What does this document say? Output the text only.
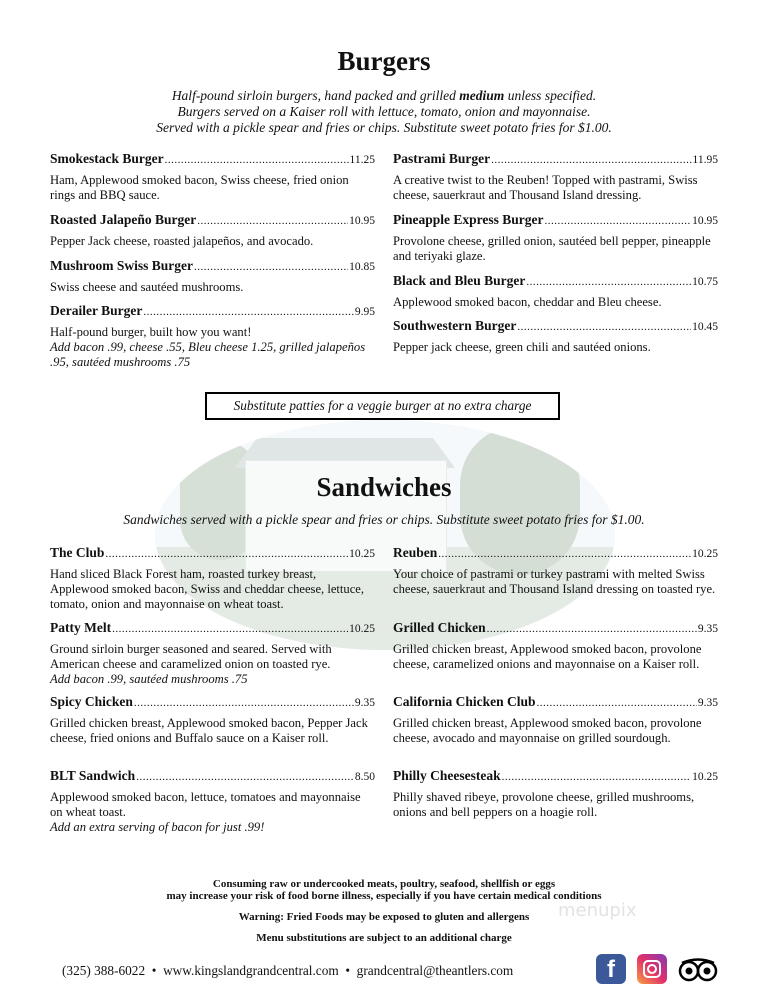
Burgers
Half-pound sirloin burgers, hand packed and grilled medium unless specified.
Burgers served on a Kaiser roll with lettuce, tomato, onion and mayonnaise.
Served with a pickle spear and fries or chips. Substitute sweet potato fries for $1.00.
Smokestack Burger .....	11.25
Ham, Applewood smoked bacon, Swiss cheese, fried onion rings and BBQ sauce.
Roasted Jalapeño Burger .....	10.95
Pepper Jack cheese, roasted jalapeños, and avocado.
Mushroom Swiss Burger .....	10.85
Swiss cheese and sautéed mushrooms.
Derailer Burger .....	9.95
Half-pound burger, built how you want!
Add bacon .99, cheese .55, Bleu cheese 1.25, grilled jalapeños .95, sautéed mushrooms .75
Pastrami Burger .....	11.95
A creative twist to the Reuben! Topped with pastrami, Swiss cheese, sauerkraut and Thousand Island dressing.
Pineapple Express Burger .....	10.95
Provolone cheese, grilled onion, sautéed bell pepper, pineapple and teriyaki glaze.
Black and Bleu Burger .....	10.75
Applewood smoked bacon, cheddar and Bleu cheese.
Southwestern Burger .....	10.45
Pepper jack cheese, green chili and sautéed onions.
Substitute patties for a veggie burger at no extra charge
Sandwiches
Sandwiches served with a pickle spear and fries or chips. Substitute sweet potato fries for $1.00.
The Club .....	10.25
Hand sliced Black Forest ham, roasted turkey breast, Applewood smoked bacon, Swiss and cheddar cheese, lettuce, tomato, onion and mayonnaise on wheat toast.
Patty Melt .....	10.25
Ground sirloin burger seasoned and seared. Served with American cheese and caramelized onion on toasted rye.
Add bacon .99, sautéed mushrooms .75
Spicy Chicken .....	9.35
Grilled chicken breast, Applewood smoked bacon, Pepper Jack cheese, fried onions and Buffalo sauce on a Kaiser roll.
BLT Sandwich .....	8.50
Applewood smoked bacon, lettuce, tomatoes and mayonnaise on wheat toast.
Add an extra serving of bacon for just .99!
Reuben .....	10.25
Your choice of pastrami or turkey pastrami with melted Swiss cheese, sauerkraut and Thousand Island dressing on toasted rye.
Grilled Chicken .....	9.35
Grilled chicken breast, Applewood smoked bacon, provolone cheese, caramelized onions and mayonnaise on a Kaiser roll.
California Chicken Club .....	9.35
Grilled chicken breast, Applewood smoked bacon, provolone cheese, avocado and mayonnaise on grilled sourdough.
Philly Cheesesteak .....	10.25
Philly shaved ribeye, provolone cheese, grilled mushrooms, onions and bell peppers on a hoagie roll.
Consuming raw or undercooked meats, poultry, seafood, shellfish or eggs
may increase your risk of food borne illness, especially if you have certain medical conditions
Warning: Fried Foods may be exposed to gluten and allergens
Menu substitutions are subject to an additional charge
menupix
(325) 388-6022 • www.kingslandgrandcentral.com • grandcentral@theantlers.com	f
